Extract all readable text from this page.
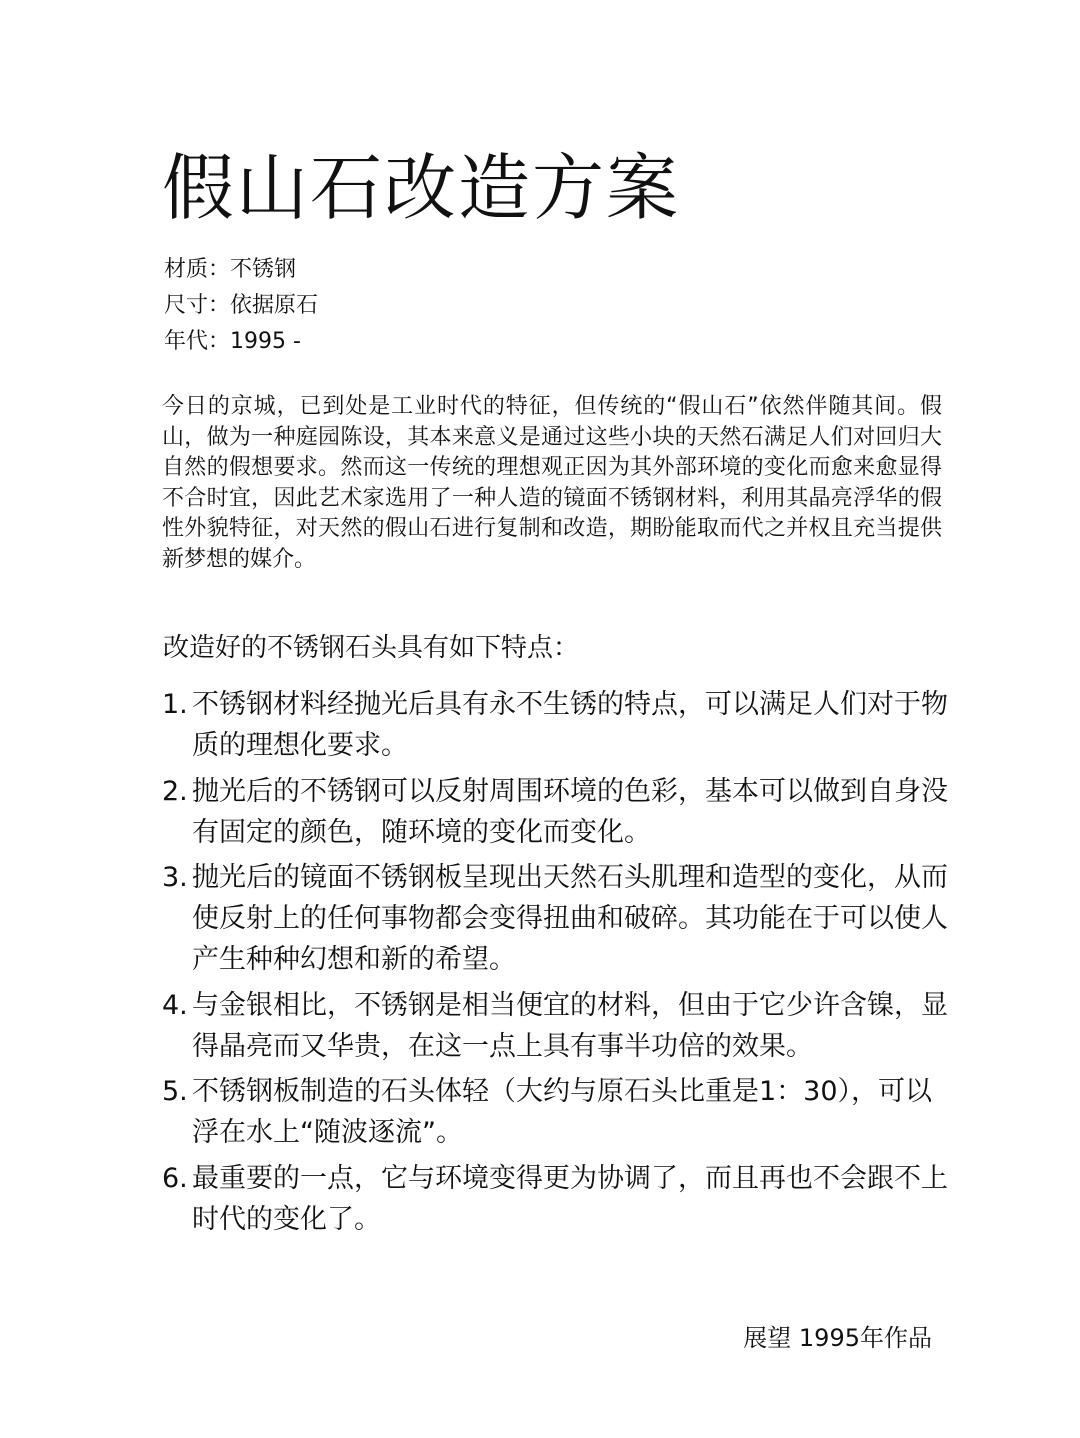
假山石改造方案
材质：不锈钢
尺寸：依据原石
年代：1995 -

今日的京城，已到处是工业时代的特征，但传统的“假山石”依然伴随其间。假山，做为一种庭园陈设，其本来意义是通过这些小块的天然石满足人们对回归大自然的假想要求。然而这一传统的理想观正因为其外部环境的变化而愈来愈显得不合时宜，因此艺术家选用了一种人造的镜面不锈钢材料，利用其晶亮浮华的假性外貌特征，对天然的假山石进行复制和改造，期盼能取而代之并权且充当提供新梦想的媒介。

改造好的不锈钢石头具有如下特点：
1. 不锈钢材料经抛光后具有永不生锈的特点，可以满足人们对于物质的理想化要求。
2. 抛光后的不锈钢可以反射周围环境的色彩，基本可以做到自身没有固定的颜色，随环境的变化而变化。
3. 抛光后的镜面不锈钢板呈现出天然石头肌理和造型的变化，从而使反射上的任何事物都会变得扭曲和破碎。其功能在于可以使人产生种种幻想和新的希望。
4. 与金银相比，不锈钢是相当便宜的材料，但由于它少许含镍，显得晶亮而又华贵，在这一点上具有事半功倍的效果。
5. 不锈钢板制造的石头体轻（大约与原石头比重是1：30），可以浮在水上“随波逐流”。
6. 最重要的一点，它与环境变得更为协调了，而且再也不会跟不上时代的变化了。
展望 1995年作品
